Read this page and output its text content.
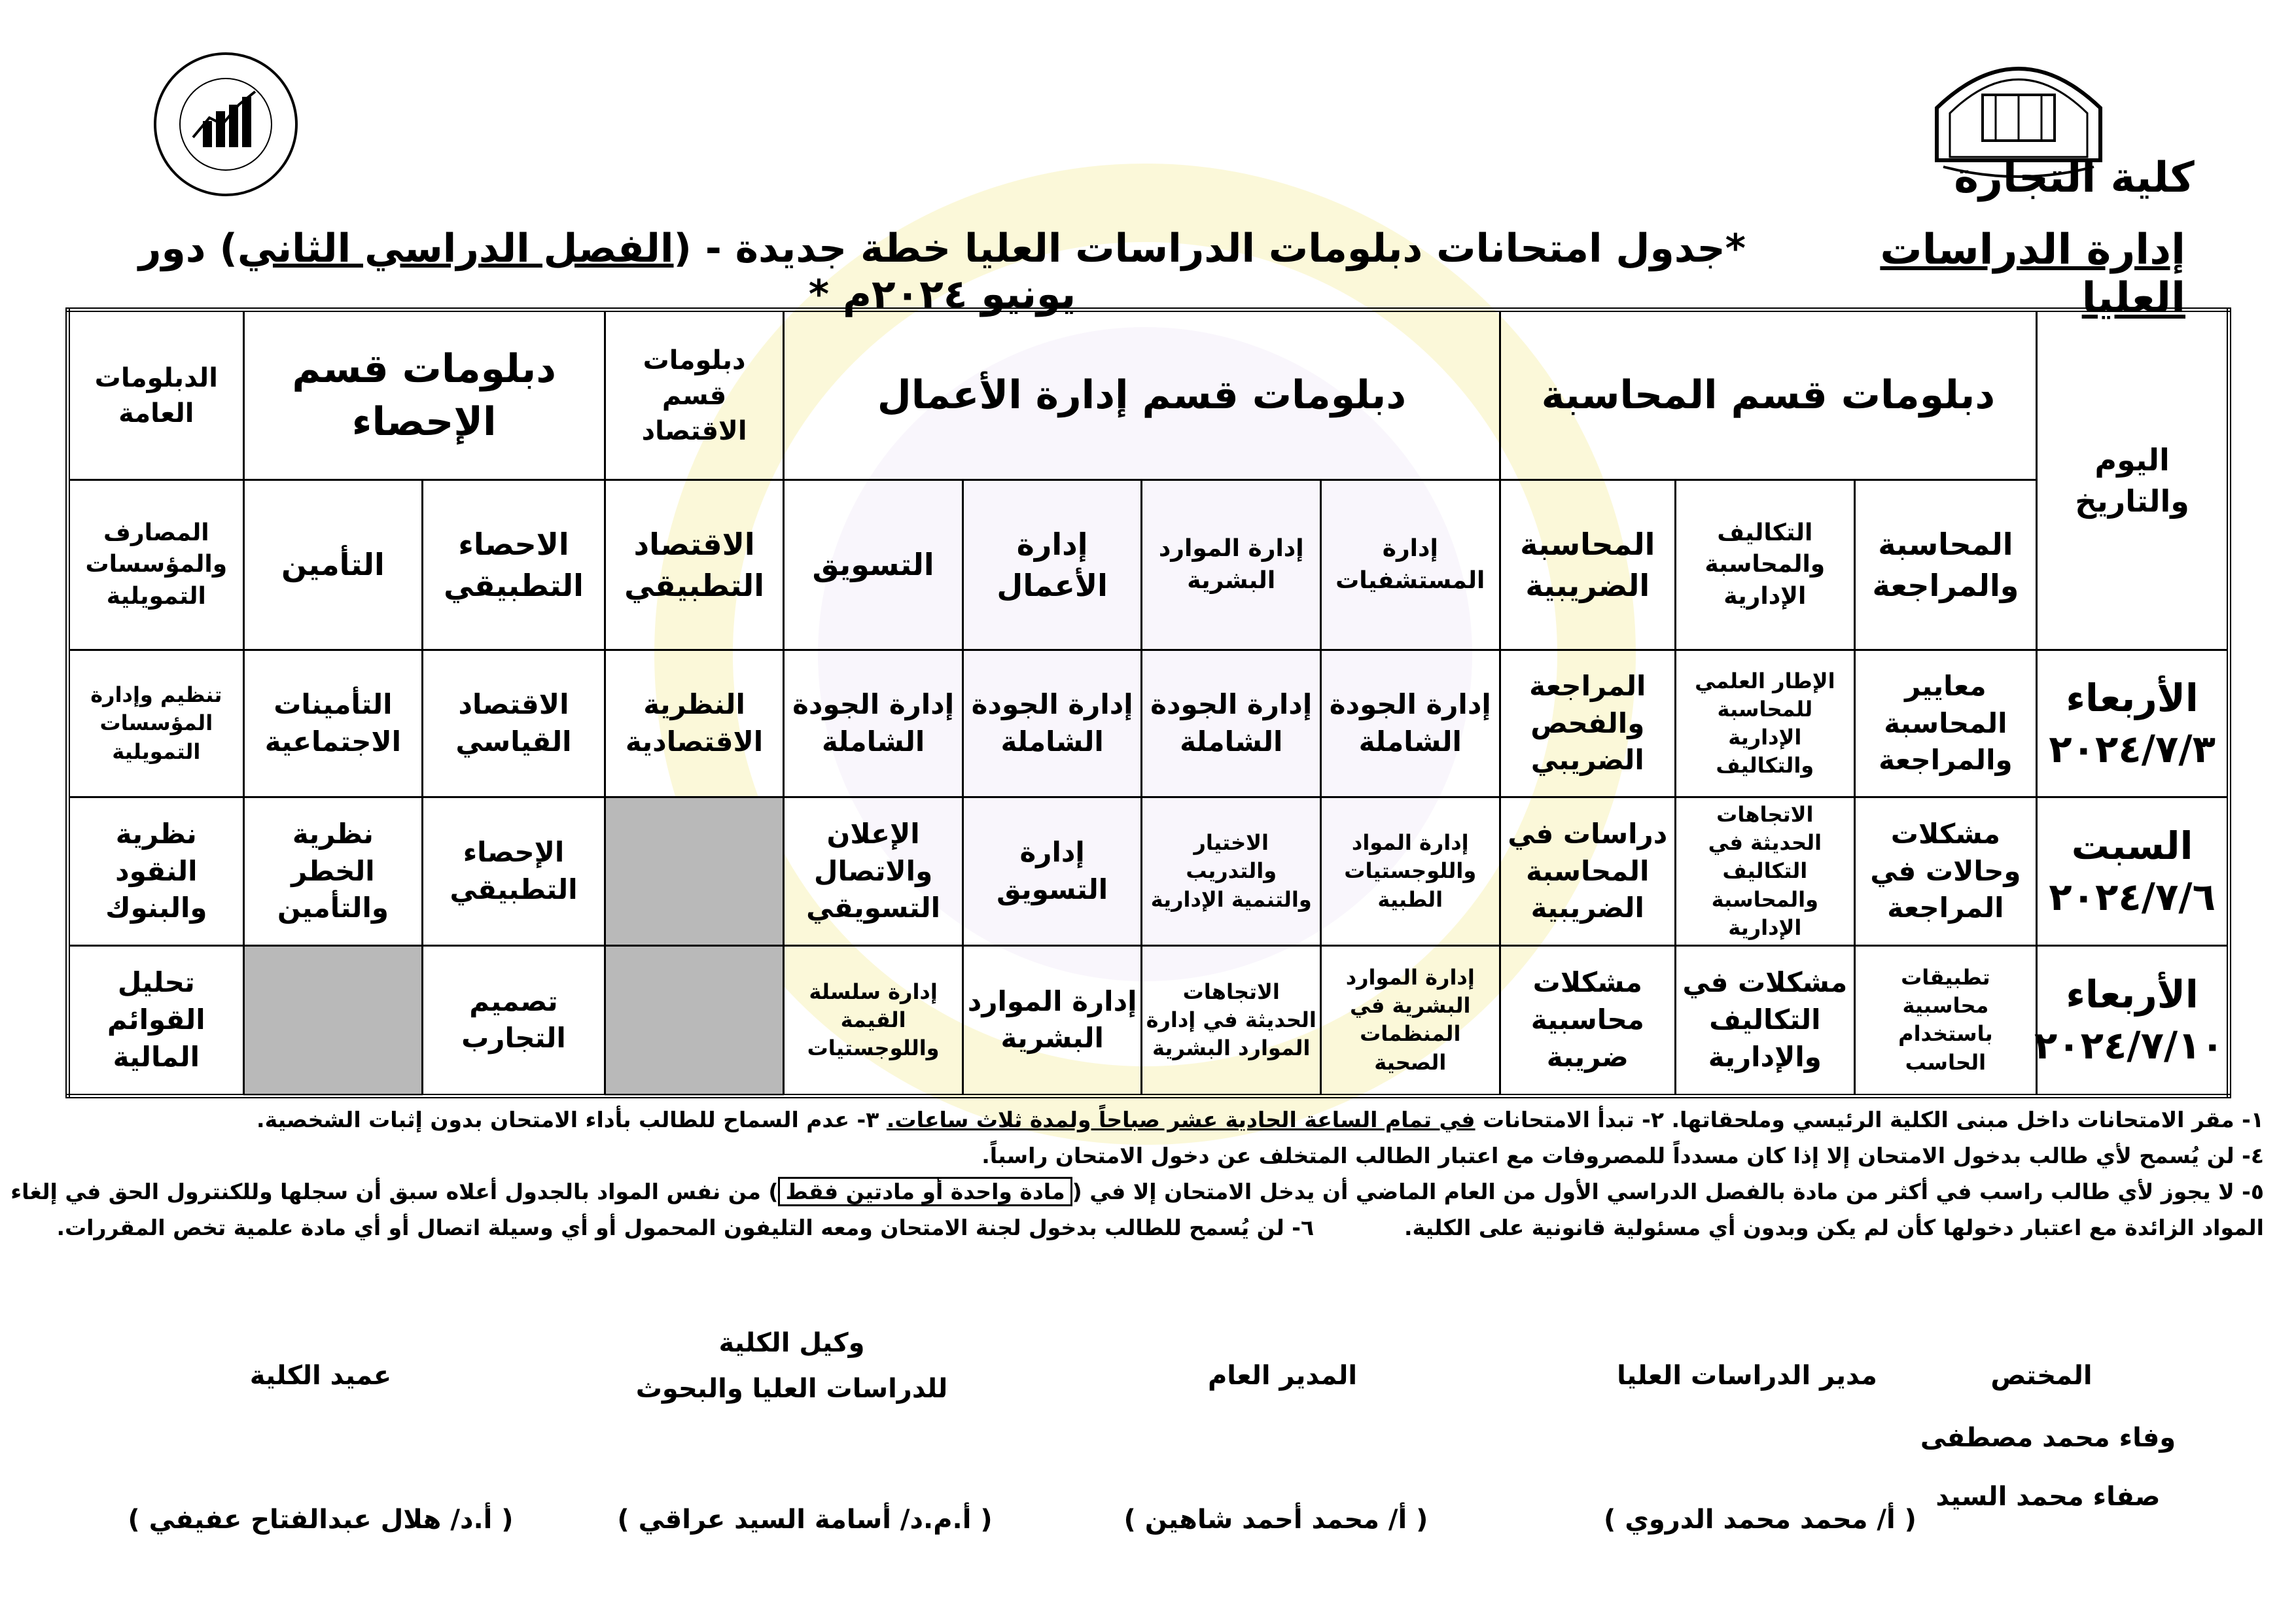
كلية التجارة
إدارة الدراسات العليا
*جدول امتحانات دبلومات الدراسات العليا خطة جديدة - (الفصل الدراسي الثاني) دور يونيو ٢٠٢٤م *
اليوم والتاريخ	دبلومات قسم المحاسبة			دبلومات قسم إدارة الأعمال				دبلومات قسم الاقتصاد	دبلومات قسم الإحصاء		الدبلومات العامة
	المحاسبة والمراجعة	التكاليف والمحاسبة الإدارية	المحاسبة الضريبية	إدارة المستشفيات	إدارة الموارد البشرية	إدارة الأعمال	التسويق	الاقتصاد التطبيقي	الاحصاء التطبيقي	التأمين	المصارف والمؤسسات التمويلية

الأربعاء
٢٠٢٤/٧/٣	معايير المحاسبة والمراجعة	الإطار العلمي للمحاسبة الإدارية والتكاليف	المراجعة والفحص الضريبي	إدارة الجودة الشاملة	إدارة الجودة الشاملة	إدارة الجودة الشاملة	إدارة الجودة الشاملة	النظرية الاقتصادية	الاقتصاد القياسي	التأمينات الاجتماعية	تنظيم وإدارة المؤسسات التمويلية

السبت
٢٠٢٤/٧/٦	مشكلات وحالات في المراجعة	الاتجاهات الحديثة في التكاليف والمحاسبة الإدارية	دراسات في المحاسبة الضريبية	إدارة المواد واللوجستيات الطبية	الاختيار والتدريب والتنمية الإدارية	إدارة التسويق	الإعلان والاتصال التسويقي		الإحصاء التطبيقي	نظرية الخطر والتأمين	نظرية النقود والبنوك

الأربعاء
٢٠٢٤/٧/١٠	تطبيقات محاسبية باستخدام الحاسب	مشكلات في التكاليف والإدارية	مشكلات محاسبية ضريبة	إدارة الموارد البشرية في المنظمات الصحية	الاتجاهات الحديثة في إدارة الموارد البشرية	إدارة الموارد البشرية	إدارة سلسلة القيمة واللوجستيات		تصميم التجارب		تحليل القوائم المالية
١- مقر الامتحانات داخل مبنى الكلية الرئيسي وملحقاتها. ٢- تبدأ الامتحانات في تمام الساعة الحادية عشر صباحاً ولمدة ثلاث ساعات. ٣- عدم السماح للطالب بأداء الامتحان بدون إثبات الشخصية.
٤- لن يُسمح لأي طالب بدخول الامتحان إلا إذا كان مسدداً للمصروفات مع اعتبار الطالب المتخلف عن دخول الامتحان راسباً.
٥- لا يجوز لأي طالب راسب في أكثر من مادة بالفصل الدراسي الأول من العام الماضي أن يدخل الامتحان إلا في (مادة واحدة أو مادتين فقط) من نفس المواد بالجدول أعلاه سبق أن سجلها وللكنترول الحق في إلغاء
المواد الزائدة مع اعتبار دخولها كأن لم يكن وبدون أي مسئولية قانونية على الكلية.            ٦- لن يُسمح للطالب بدخول لجنة الامتحان ومعه التليفون المحمول أو أي وسيلة اتصال أو أي مادة علمية تخص المقررات.
المختص
وفاء محمد مصطفى
صفاء محمد السيد
مدير الدراسات العليا
( أ/ محمد محمد الدروي )
المدير العام
( أ/ محمد أحمد شاهين )
وكيل الكلية
للدراسات العليا والبحوث
( أ.م.د/ أسامة السيد عراقي )
عميد الكلية
( أ.د/ هلال عبدالفتاح عفيفي )
